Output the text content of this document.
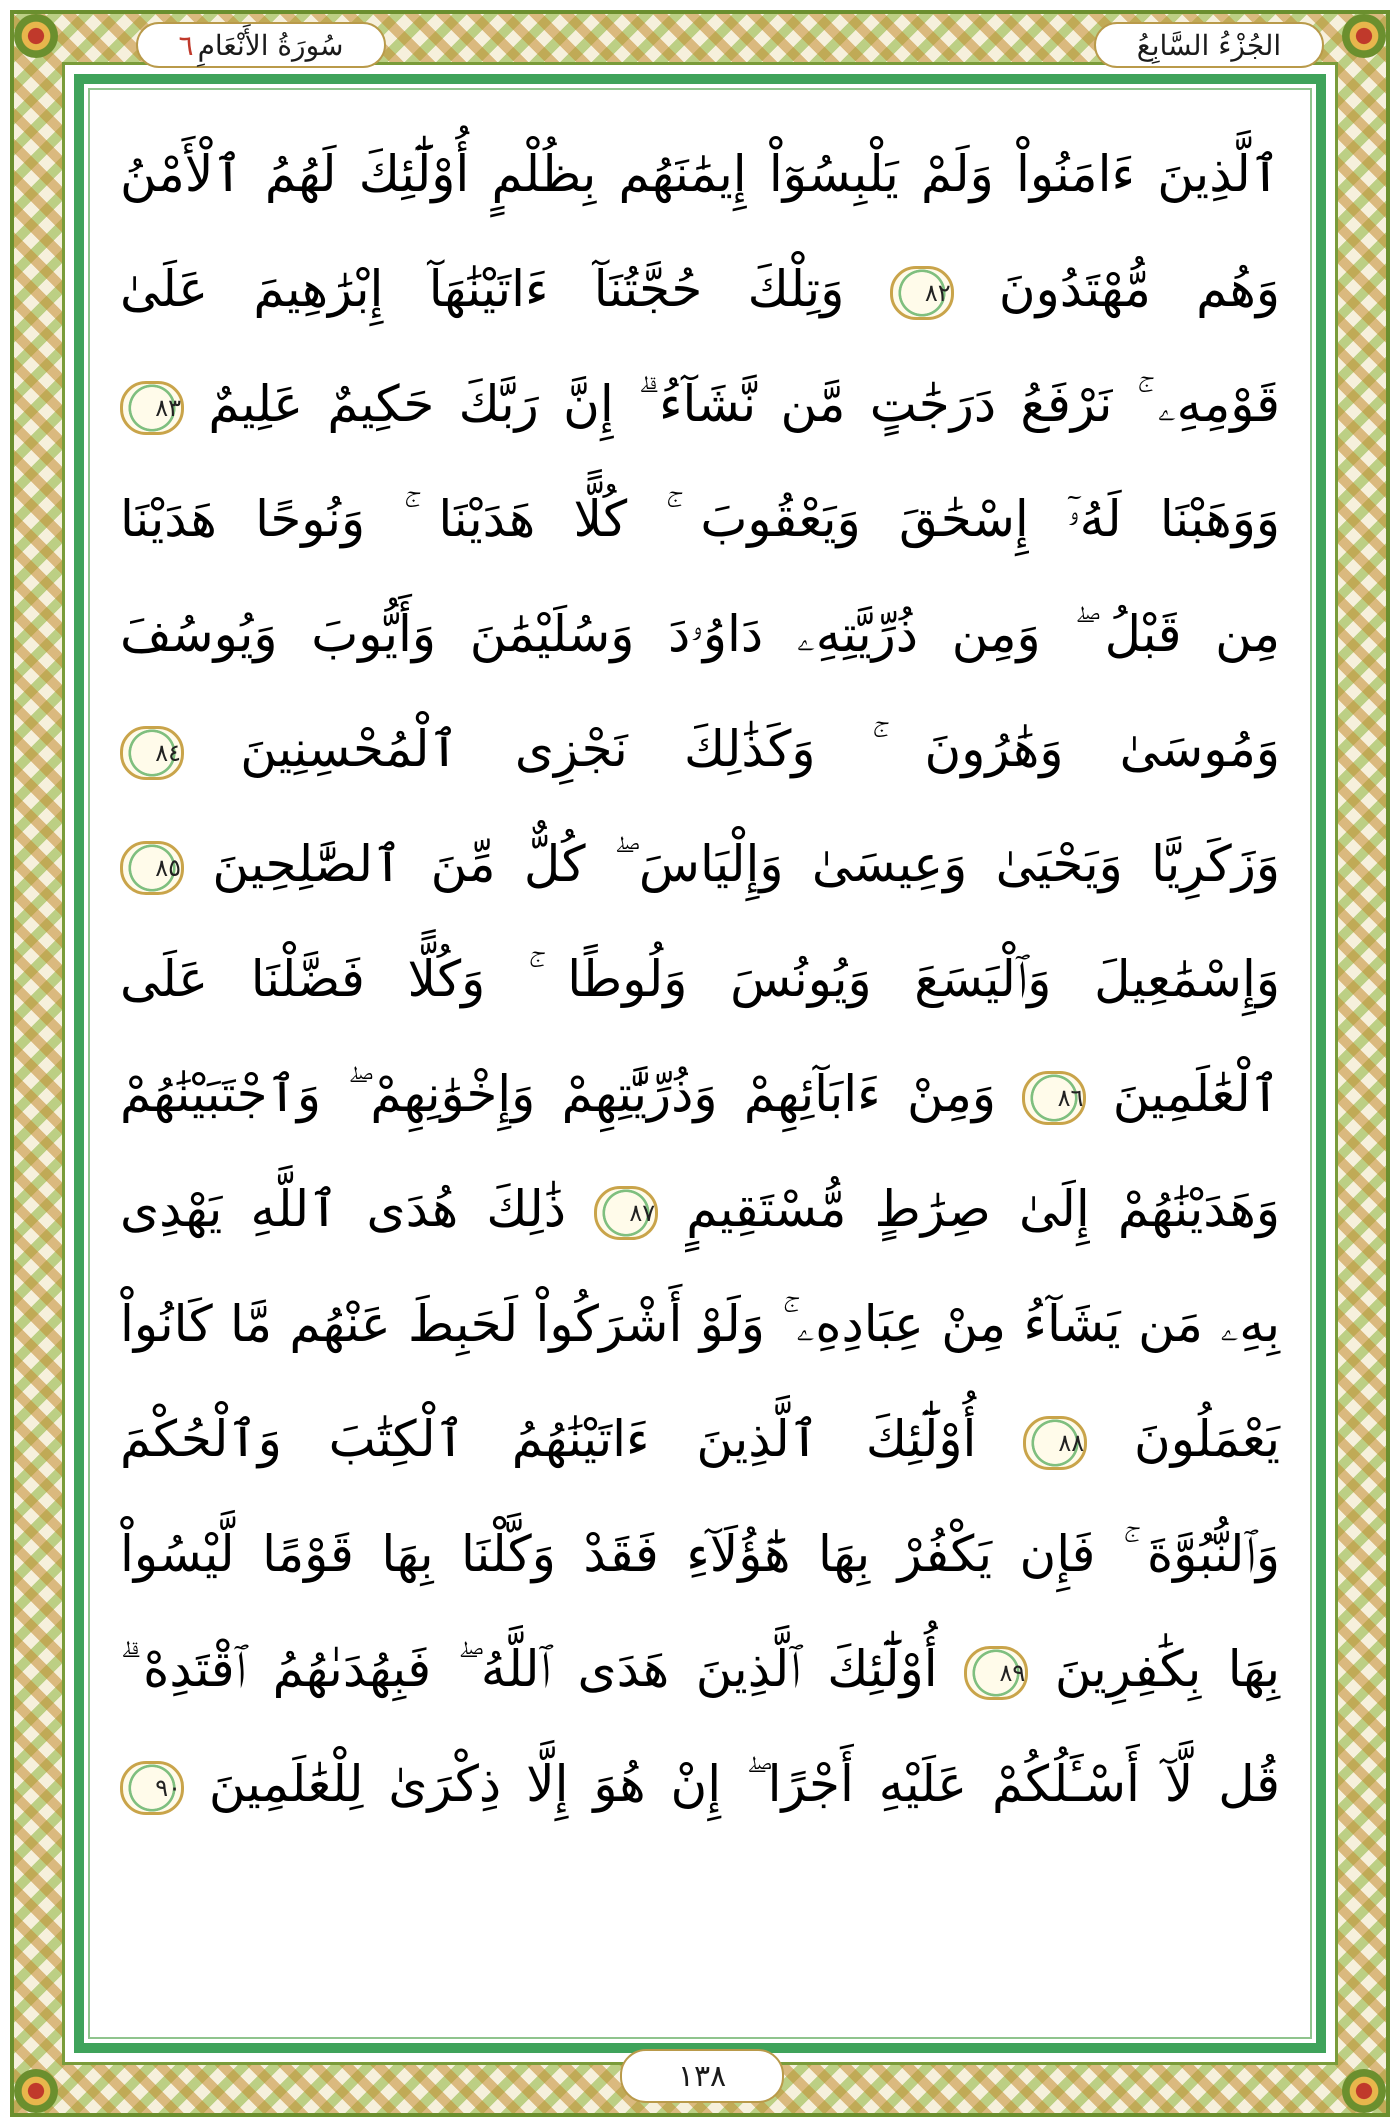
الجُزْءُ السَّابِعُ
سُورَةُ الأَنْعَامِ
٦
ٱلَّذِينَ ءَامَنُواْ وَلَمْ يَلْبِسُوٓاْ إِيمَٰنَهُم بِظُلْمٍ أُوْلَٰٓئِكَ لَهُمُ ٱلْأَمْنُ
وَهُم مُّهْتَدُونَ ٨٢ وَتِلْكَ حُجَّتُنَآ ءَاتَيْنَٰهَآ إِبْرَٰهِيمَ عَلَىٰ
قَوْمِهِۦ ۚ نَرْفَعُ دَرَجَٰتٍ مَّن نَّشَآءُ ۗ إِنَّ رَبَّكَ حَكِيمٌ عَلِيمٌ ٨٣
وَوَهَبْنَا لَهُۥٓ إِسْحَٰقَ وَيَعْقُوبَ ۚ كُلًّا هَدَيْنَا ۚ وَنُوحًا هَدَيْنَا
مِن قَبْلُ ۖ وَمِن ذُرِّيَّتِهِۦ دَاوُۥدَ وَسُلَيْمَٰنَ وَأَيُّوبَ وَيُوسُفَ
وَمُوسَىٰ وَهَٰرُونَ ۚ وَكَذَٰلِكَ نَجْزِى ٱلْمُحْسِنِينَ ٨٤
وَزَكَرِيَّا وَيَحْيَىٰ وَعِيسَىٰ وَإِلْيَاسَ ۖ كُلٌّ مِّنَ ٱلصَّٰلِحِينَ ٨٥
وَإِسْمَٰعِيلَ وَٱلْيَسَعَ وَيُونُسَ وَلُوطًا ۚ وَكُلًّا فَضَّلْنَا عَلَى
ٱلْعَٰلَمِينَ ٨٦ وَمِنْ ءَابَآئِهِمْ وَذُرِّيَّٰتِهِمْ وَإِخْوَٰنِهِمْ ۖ وَٱجْتَبَيْنَٰهُمْ
وَهَدَيْنَٰهُمْ إِلَىٰ صِرَٰطٍ مُّسْتَقِيمٍ ٨٧ ذَٰلِكَ هُدَى ٱللَّهِ يَهْدِى
بِهِۦ مَن يَشَآءُ مِنْ عِبَادِهِۦ ۚ وَلَوْ أَشْرَكُواْ لَحَبِطَ عَنْهُم مَّا كَانُواْ
يَعْمَلُونَ ٨٨ أُوْلَٰٓئِكَ ٱلَّذِينَ ءَاتَيْنَٰهُمُ ٱلْكِتَٰبَ وَٱلْحُكْمَ
وَٱلنُّبُوَّةَ ۚ فَإِن يَكْفُرْ بِهَا هَٰٓؤُلَآءِ فَقَدْ وَكَّلْنَا بِهَا قَوْمًا لَّيْسُواْ
بِهَا بِكَٰفِرِينَ ٨٩ أُوْلَٰٓئِكَ ٱلَّذِينَ هَدَى ٱللَّهُ ۖ فَبِهُدَىٰهُمُ ٱقْتَدِهْ ۗ
قُل لَّآ أَسْـَٔلُكُمْ عَلَيْهِ أَجْرًا ۖ إِنْ هُوَ إِلَّا ذِكْرَىٰ لِلْعَٰلَمِينَ ٩٠
١٣٨
